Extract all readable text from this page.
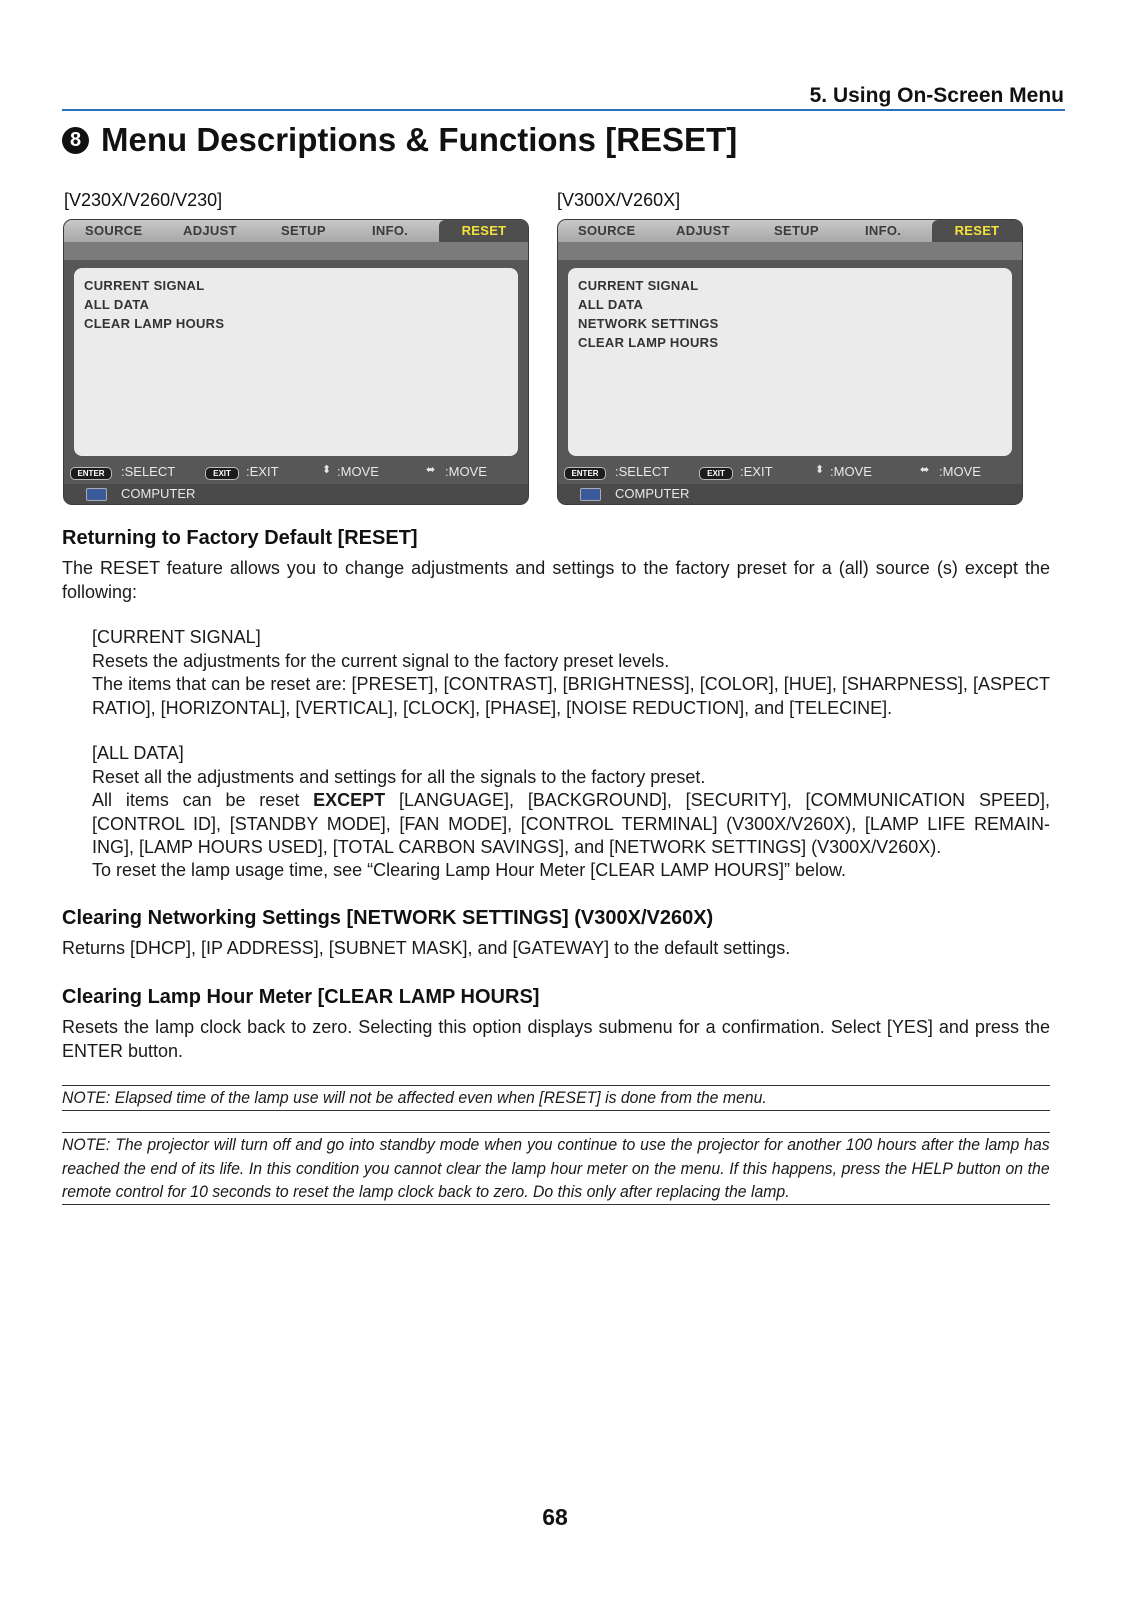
5. Using On-Screen Menu
8 Menu Descriptions & Functions [RESET]
[V230X/V260/V230]
SOURCE	ADJUST	SETUP	INFO.	RESET
CURRENT SIGNAL
ALL DATA
CLEAR LAMP HOURS
ENTER	:SELECT	EXIT	:EXIT	⬍ :MOVE	⬌ :MOVE
COMPUTER
[V300X/V260X]
SOURCE	ADJUST	SETUP	INFO.	RESET
CURRENT SIGNAL
ALL DATA
NETWORK SETTINGS
CLEAR LAMP HOURS
ENTER	:SELECT	EXIT	:EXIT	⬍ :MOVE	⬌ :MOVE
COMPUTER
Returning to Factory Default [RESET]

The RESET feature allows you to change adjustments and settings to the factory preset for a (all) source (s) except the following:

[CURRENT SIGNAL]
Resets the adjustments for the current signal to the factory preset levels.
The items that can be reset are: [PRESET], [CONTRAST], [BRIGHTNESS], [COLOR], [HUE], [SHARPNESS], [ASPECT RATIO], [HORIZONTAL], [VERTICAL], [CLOCK], [PHASE], [NOISE REDUCTION], and [TELECINE].
[ALL DATA]
Reset all the adjustments and settings for all the signals to the factory preset.
All items can be reset EXCEPT [LANGUAGE], [BACKGROUND], [SECURITY], [COMMUNICATION SPEED], [CONTROL ID], [STANDBY MODE], [FAN MODE], [CONTROL TERMINAL] (V300X/V260X), [LAMP LIFE REMAIN-ING], [LAMP HOURS USED], [TOTAL CARBON SAVINGS], and [NETWORK SETTINGS] (V300X/V260X).
To reset the lamp usage time, see “Clearing Lamp Hour Meter [CLEAR LAMP HOURS]” below.
Clearing Networking Settings [NETWORK SETTINGS] (V300X/V260X)
Returns [DHCP], [IP ADDRESS], [SUBNET MASK], and [GATEWAY] to the default settings.
Clearing Lamp Hour Meter [CLEAR LAMP HOURS]
Resets the lamp clock back to zero. Selecting this option displays submenu for a confirmation. Select [YES] and press the ENTER button.
NOTE: Elapsed time of the lamp use will not be affected even when [RESET] is done from the menu.
NOTE: The projector will turn off and go into standby mode when you continue to use the projector for another 100 hours after the lamp has reached the end of its life. In this condition you cannot clear the lamp hour meter on the menu. If this happens, press the HELP button on the remote control for 10 seconds to reset the lamp clock back to zero. Do this only after replacing the lamp.
68
